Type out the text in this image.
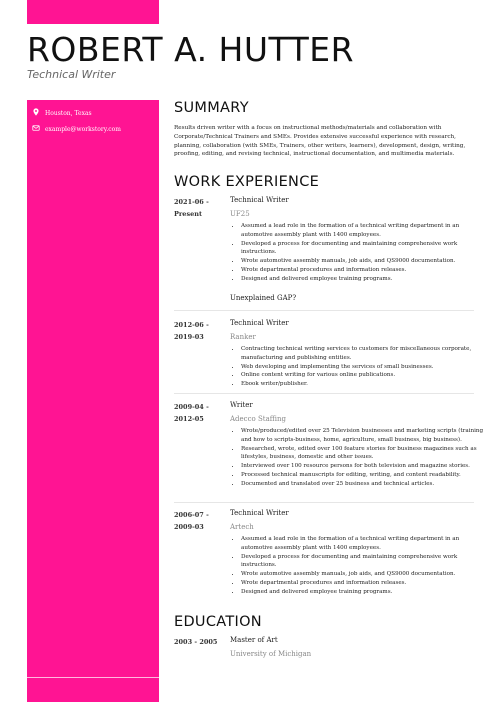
ROBERT A. HUTTER
Technical Writer
Houston, Texas
example@workstory.com
SUMMARY
Results driven writer with a focus on instructional methods/materials and collaboration with Corporate/Technical Trainers and SMEs. Provides extensive successful experience with research, planning, collaboration (with SMEs, Trainers, other writers, learners), development, design, writing, proofing, editing, and revising technical, instructional documentation, and multimedia materials.
WORK EXPERIENCE
2021-06 - Present
Technical Writer
UF25
• Assumed a lead role in the formation of a technical writing department in an automotive assembly plant with 1400 employees.
• Developed a process for documenting and maintaining comprehensive work instructions.
• Wrote automotive assembly manuals, job aids, and QS9000 documentation.
• Wrote departmental procedures and information releases.
• Designed and delivered employee training programs.
Unexplained GAP?
2012-06 - 2019-03
Technical Writer
Ranker
• Contracting technical writing services to customers for miscellaneous corporate, manufacturing and publishing entities.
• Web developing and implementing the services of small businesses.
• Online content writing for various online publications.
• Ebook writer/publisher.
2009-04 - 2012-05
Writer
Adecco Staffing
• Wrote/produced/edited over 25 Television businesses and marketing scripts (training and how to scripts-business, home, agriculture, small business, big business).
• Researched, wrote, edited over 100 feature stories for business magazines such as lifestyles, business, domestic and other issues.
• Interviewed over 100 resource persons for both television and magazine stories.
• Processed technical manuscripts for editing, writing, and content readability.
• Documented and translated over 25 business and technical articles.
2006-07 - 2009-03
Technical Writer
Artech
• Assumed a lead role in the formation of a technical writing department in an automotive assembly plant with 1400 employees.
• Developed a process for documenting and maintaining comprehensive work instructions.
• Wrote automotive assembly manuals, job aids, and QS9000 documentation.
• Wrote departmental procedures and information releases.
• Designed and delivered employee training programs.
EDUCATION
2003 - 2005	Master of Art
University of Michigan
